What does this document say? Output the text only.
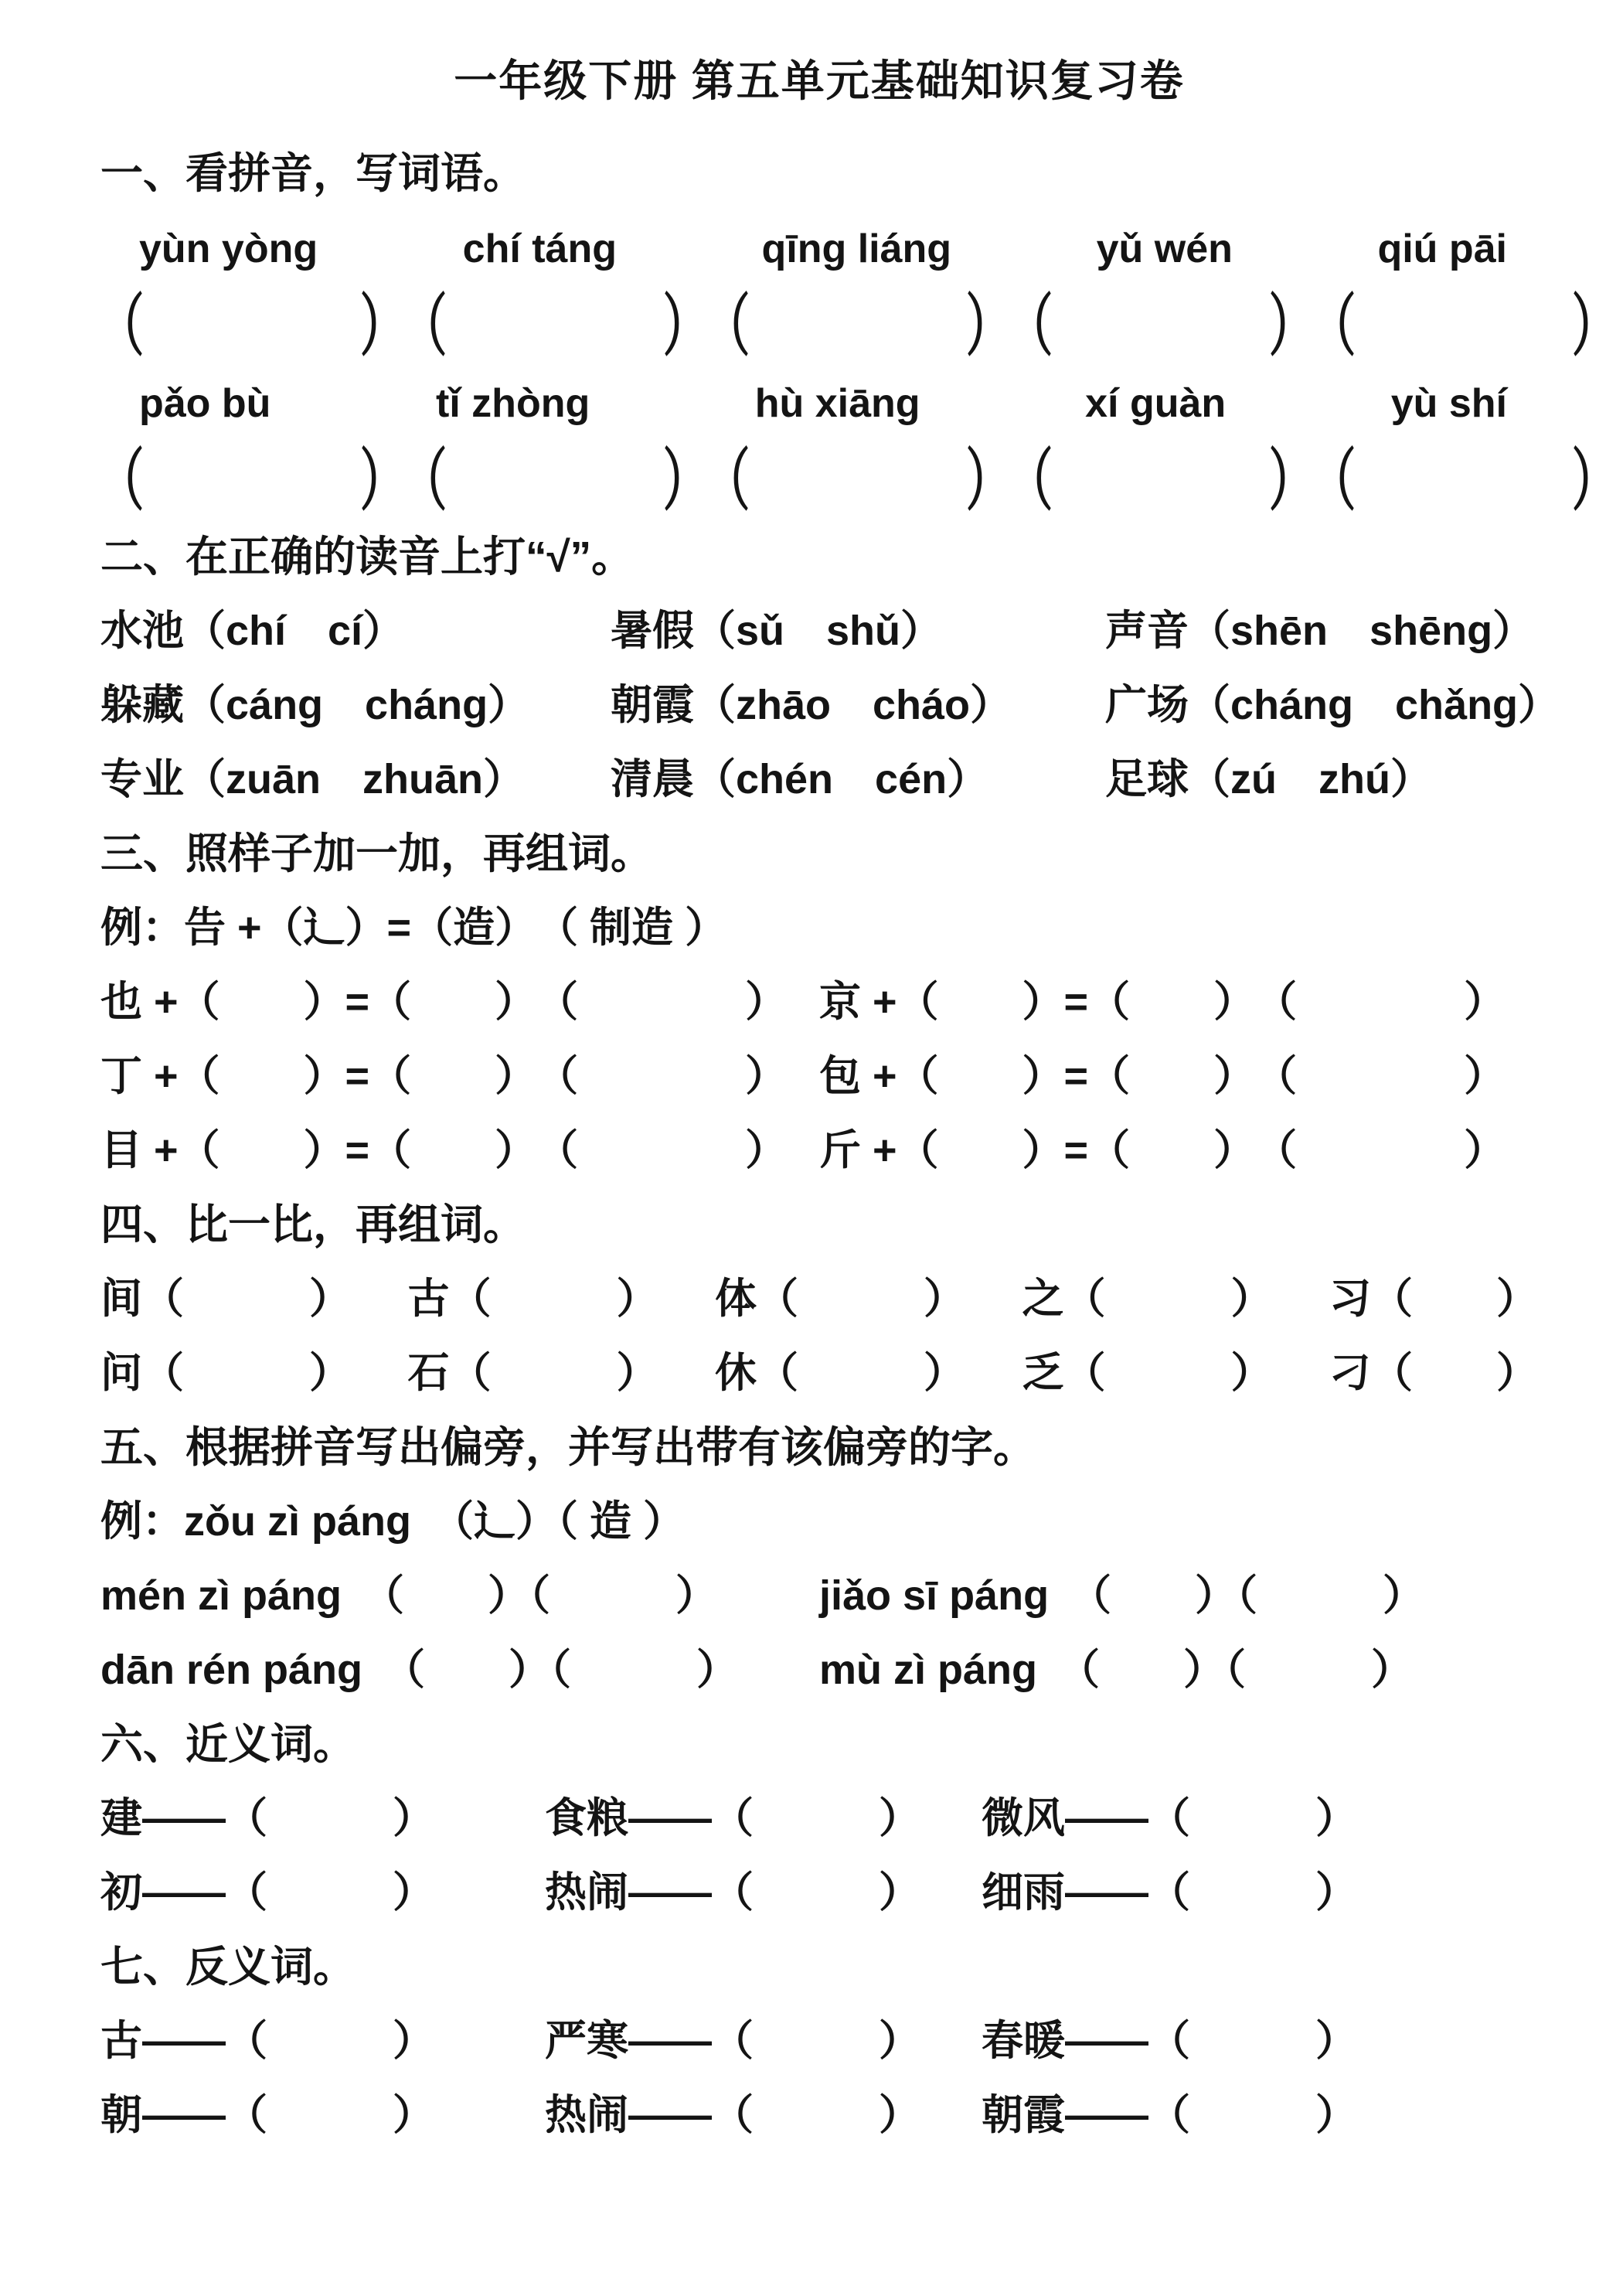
一年级下册 第五单元基础知识复习卷
一、看拼音，写词语。
yùn yòng	chí táng	qīng liáng	yǔ wén	qiú pāi
（　　　　　） （　　　　　） （　　　　　） （　　　　　） （　　　　　）
pǎo bù	tǐ zhòng	hù xiāng	xí guàn	yù shí
（　　　　　） （　　　　　） （　　　　　） （　　　　　） （　　　　　）
二、在正确的读音上打“√”。
水池（chí　cí）	暑假（sǔ　shǔ）	声音（shēn　shēng）
躲藏（cáng　cháng）	朝霞（zhāo　cháo）	广场（cháng　chǎng）
专业（zuān　zhuān）	清晨（chén　cén）	足球（zú　zhú）
三、照样子加一加，再组词。
例：告 +（辶）=（造）　（ 制造 ）
也 +（　　）=（　　）　（　　　　） 京 +（　　）=（　　）　（　　　　）
丁 +（　　）=（　　）　（　　　　） 包 +（　　）=（　　）　（　　　　）
目 +（　　）=（　　）　（　　　　） 斤 +（　　）=（　　）　（　　　　）
四、比一比，再组词。
间（　　　） 古（　　　） 体（　　　） 之（　　　） 习（　　）
问（　　　） 石（　　　） 休（　　　） 乏（　　　） 刁（　　）
五、根据拼音写出偏旁，并写出带有该偏旁的字。
例：zǒu zì páng　（辶）（ 造 ）
mén zì páng　（　　）（　　　）	jiǎo sī páng　（　　）（　　　）
dān rén páng　（　　）（　　　）	mù zì páng　（　　）（　　　）
六、近义词。
建——（　　　）	食粮——（　　　）	微风——（　　　）
初——（　　　）	热闹——（　　　）	细雨——（　　　）
七、反义词。
古——（　　　）	严寒——（　　　）	春暖——（　　　）
朝——（　　　）	热闹——（　　　）	朝霞——（　　　）
